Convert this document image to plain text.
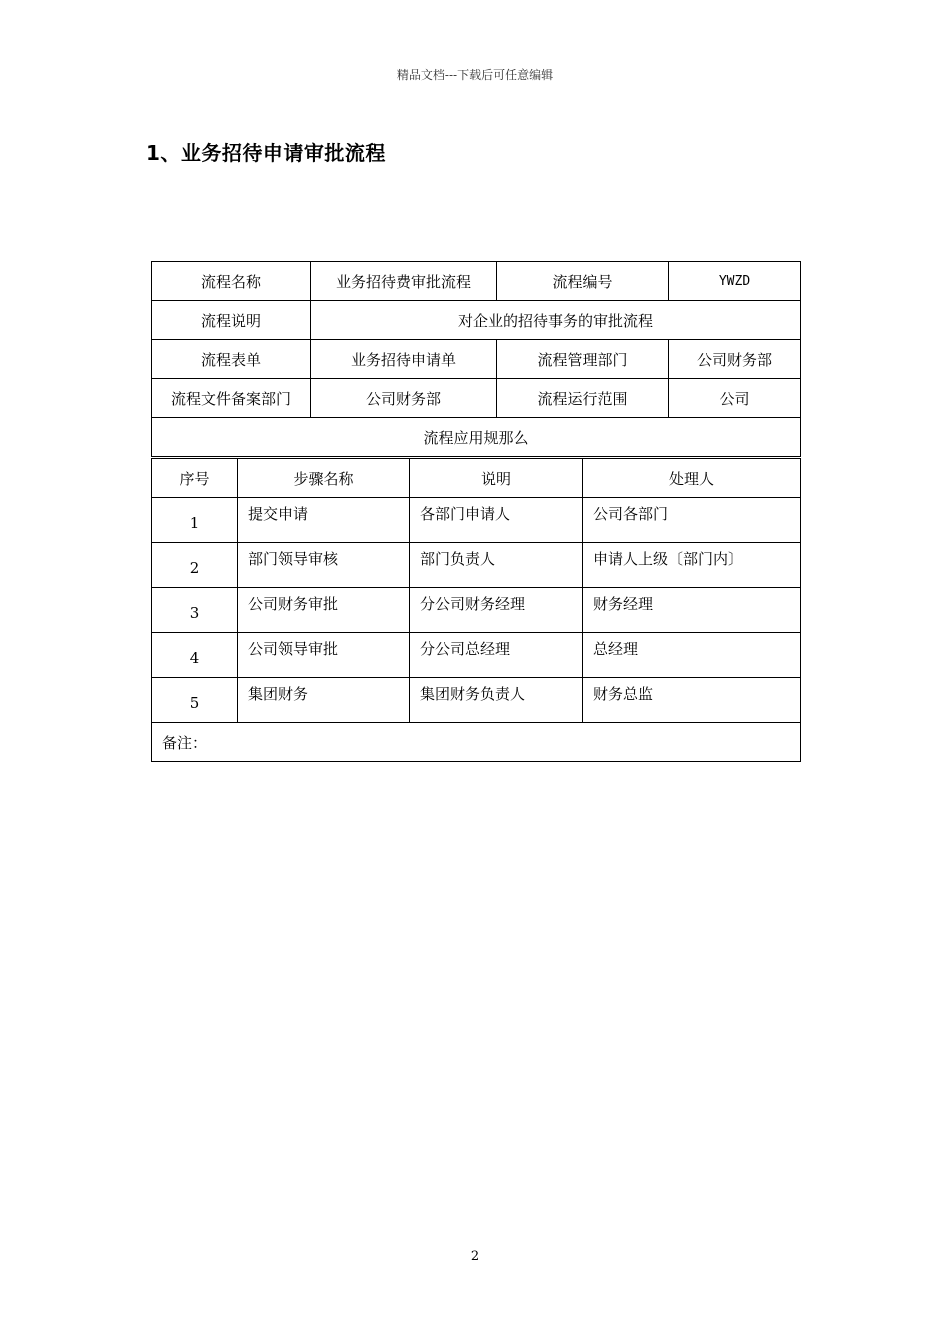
精品文档---下载后可任意编辑
1、业务招待申请审批流程
流程名称	业务招待费审批流程	流程编号	YWZD
流程说明	对企业的招待事务的审批流程		
流程表单	业务招待申请单	流程管理部门	公司财务部
流程文件备案部门	公司财务部	流程运行范围	公司
流程应用规那么			
序号	步骤名称	说明	处理人
1	提交申请	各部门申请人	公司各部门
2	部门领导审核	部门负责人	申请人上级〔部门内〕
3	公司财务审批	分公司财务经理	财务经理
4	公司领导审批	分公司总经理	总经理
5	集团财务	集团财务负责人	财务总监
备注：			
2
